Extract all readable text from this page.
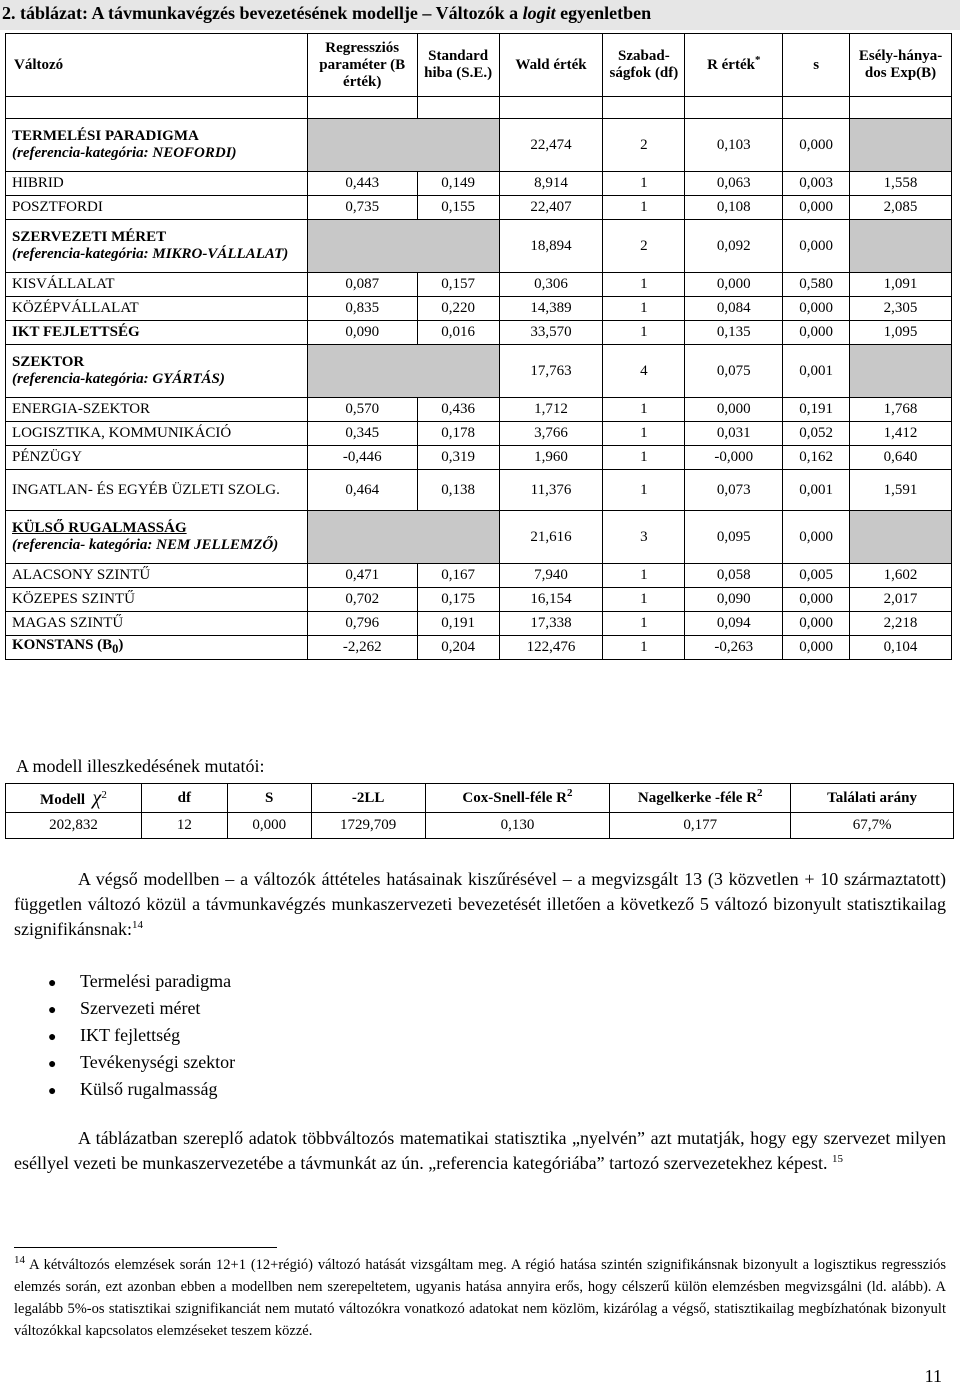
2. táblázat: A távmunkavégzés bevezetésének modellje – Változók a logit egyenletben
Változó	Regressziós paraméter (B érték)	Standard hiba (S.E.)	Wald érték	Szabad-ságfok (df)	R érték*	s	Esély-hánya-dos Exp(B)

TERMELÉSI PARADIGMA
(referencia-kategória: NEOFORDI)			22,474	2	0,103	0,000	
HIBRID	0,443	0,149	8,914	1	0,063	0,003	1,558
POSZTFORDI	0,735	0,155	22,407	1	0,108	0,000	2,085
SZERVEZETI MÉRET
(referencia-kategória: MIKRO-VÁLLALAT)			18,894	2	0,092	0,000	
KISVÁLLALAT	0,087	0,157	0,306	1	0,000	0,580	1,091
KÖZÉPVÁLLALAT	0,835	0,220	14,389	1	0,084	0,000	2,305
IKT FEJLETTSÉG	0,090	0,016	33,570	1	0,135	0,000	1,095
SZEKTOR
(referencia-kategória: GYÁRTÁS)			17,763	4	0,075	0,001	
ENERGIA-SZEKTOR	0,570	0,436	1,712	1	0,000	0,191	1,768
LOGISZTIKA, KOMMUNIKÁCIÓ	0,345	0,178	3,766	1	0,031	0,052	1,412
PÉNZÜGY	-0,446	0,319	1,960	1	-0,000	0,162	0,640
INGATLAN- ÉS EGYÉB ÜZLETI SZOLG.	0,464	0,138	11,376	1	0,073	0,001	1,591
KÜLSŐ RUGALMASSÁG
(referencia- kategória: NEM JELLEMZŐ)			21,616	3	0,095	0,000	
ALACSONY SZINTŰ	0,471	0,167	7,940	1	0,058	0,005	1,602
KÖZEPES SZINTŰ	0,702	0,175	16,154	1	0,090	0,000	2,017
MAGAS SZINTŰ	0,796	0,191	17,338	1	0,094	0,000	2,218
KONSTANS $(B_0)$	-2,262	0,204	122,476	1	-0,263	0,000	0,104
A modell illeszkedésének mutatói:
Modell $\chi^2$	df	S	-2LL	Cox-Snell-féle $R^2$	Nagelkerke -féle $R^2$	Találati arány
202,832	12	0,000	1729,709	0,130	0,177	67,7%
A végső modellben – a változók áttételes hatásainak kiszűrésével – a megvizsgált 13 (3 közvetlen + 10 származtatott) független változó közül a távmunkavégzés munkaszervezeti bevezetését illetően a következő 5 változó bizonyult statisztikailag szignifikánsnak:$^{14}$
● Termelési paradigma
● Szervezeti méret
● IKT fejlettség
● Tevékenységi szektor
● Külső rugalmasság
A táblázatban szereplő adatok többváltozós matematikai statisztika „nyelvén” azt mutatják, hogy egy szervezet milyen eséllyel vezeti be munkaszervezetébe a távmunkát az ún. „referencia kategóriába” tartozó szervezetekhez képest. $^{15}$
$^{14}$ A kétváltozós elemzések során 12+1 (12+régió) változó hatását vizsgáltam meg. A régió hatása szintén szignifikánsnak bizonyult a logisztikus regressziós elemzés során, ezt azonban ebben a modellben nem szerepeltetem, ugyanis hatása annyira erős, hogy célszerű külön elemzésben megvizsgálni (ld. alább). A legalább 5%-os statisztikai szignifikanciát nem mutató változókra vonatkozó adatokat nem közlöm, kizárólag a végső, statisztikailag megbízhatónak bizonyult változókkal kapcsolatos elemzéseket teszem közzé.
11
